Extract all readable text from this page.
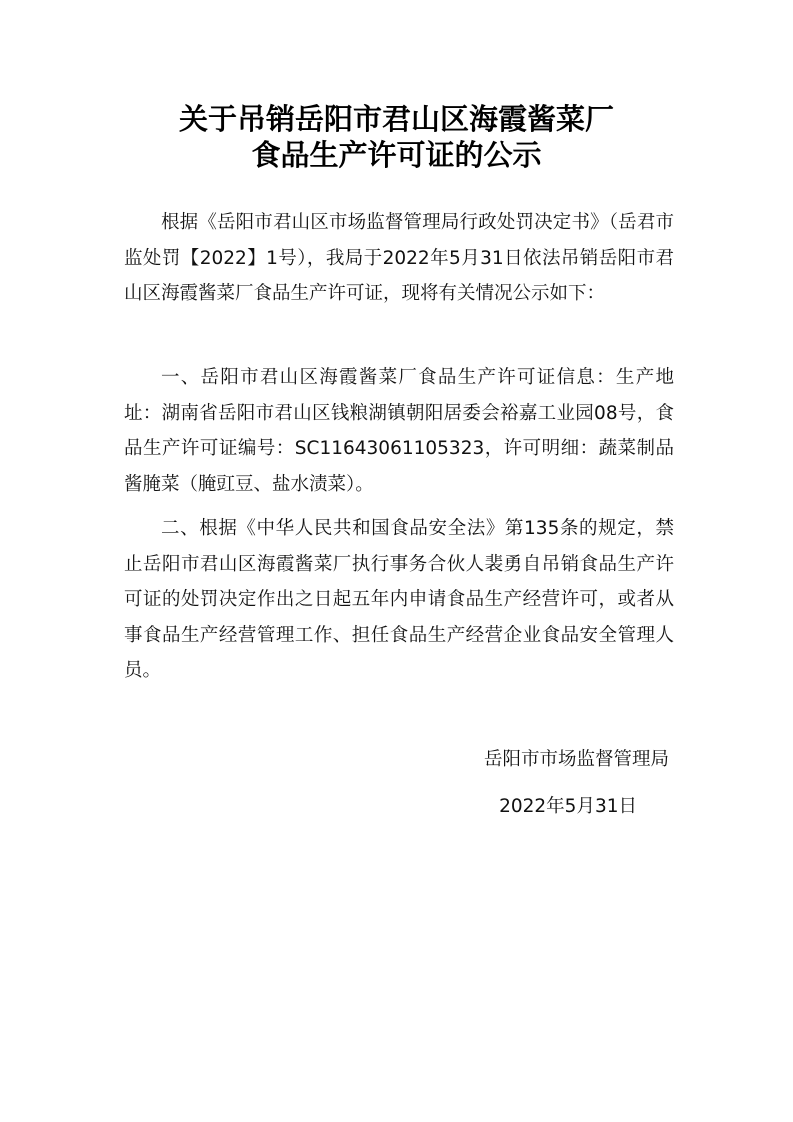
关于吊销岳阳市君山区海霞酱菜厂
食品生产许可证的公示

根据《岳阳市君山区市场监督管理局行政处罚决定书》（岳君市监处罚【2022】1号），我局于2022年5月31日依法吊销岳阳市君山区海霞酱菜厂食品生产许可证，现将有关情况公示如下：

一、岳阳市君山区海霞酱菜厂食品生产许可证信息：生产地址：湖南省岳阳市君山区钱粮湖镇朝阳居委会裕嘉工业园08号，食品生产许可证编号：SC11643061105323，许可明细：蔬菜制品 酱腌菜（腌豇豆、盐水渍菜）。

二、根据《中华人民共和国食品安全法》第135条的规定，禁止岳阳市君山区海霞酱菜厂执行事务合伙人裴勇自吊销食品生产许可证的处罚决定作出之日起五年内申请食品生产经营许可，或者从事食品生产经营管理工作、担任食品生产经营企业食品安全管理人员。

岳阳市市场监督管理局

2022年5月31日
